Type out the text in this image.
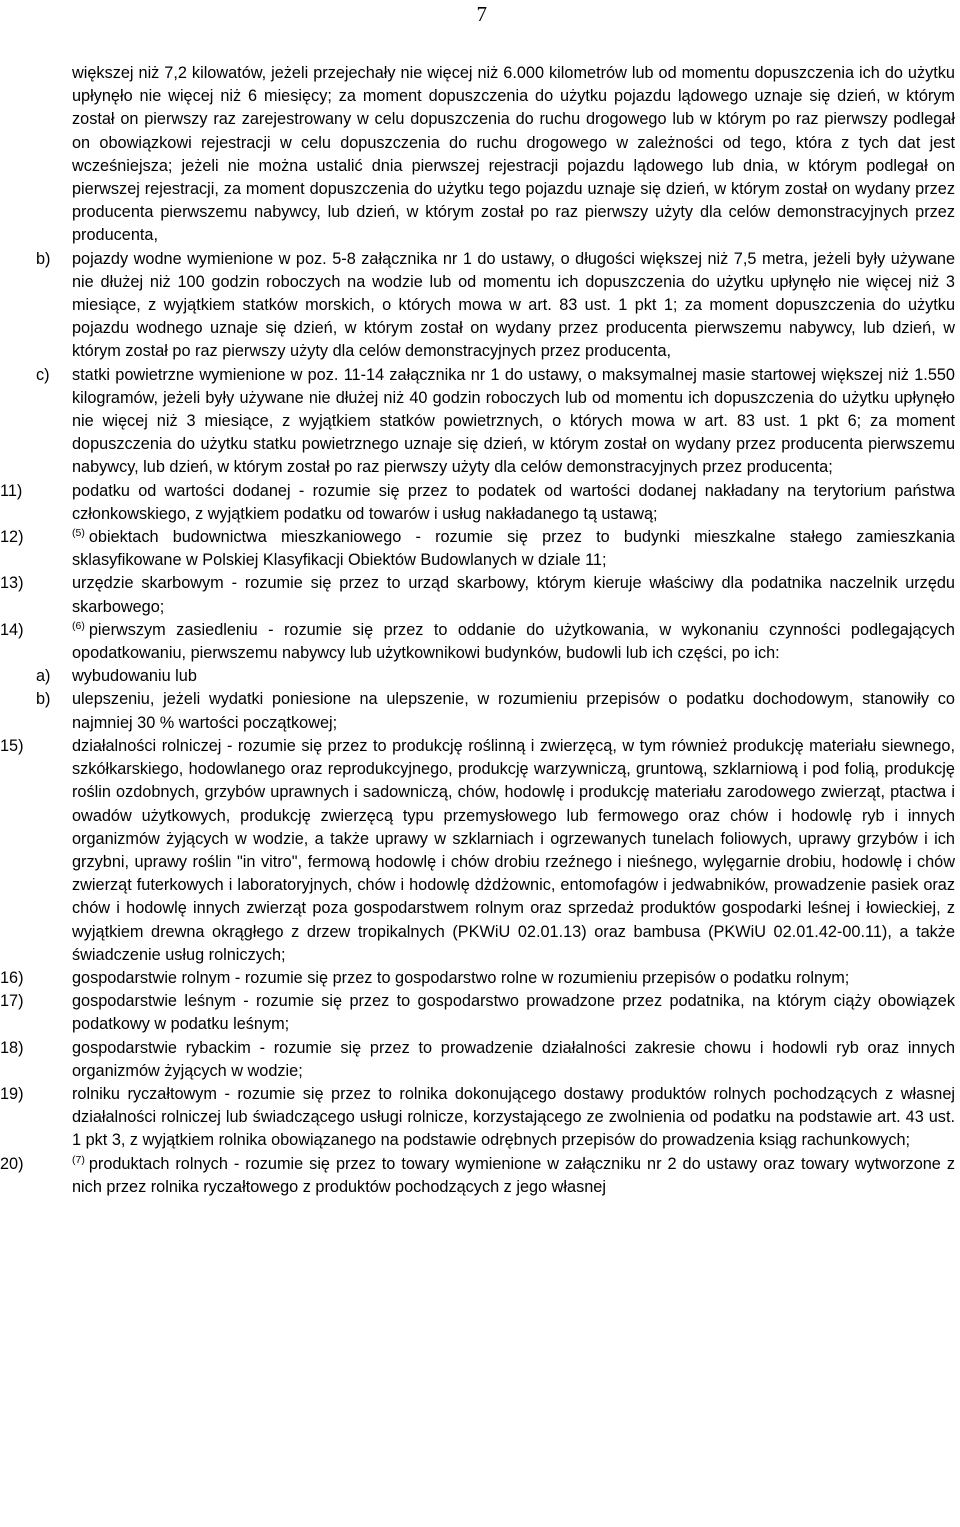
7
większej niż 7,2 kilowatów, jeżeli przejechały nie więcej niż 6.000 kilometrów lub od momentu dopuszczenia ich do użytku upłynęło nie więcej niż 6 miesięcy; za moment dopuszczenia do użytku pojazdu lądowego uznaje się dzień, w którym został on pierwszy raz zarejestrowany w celu dopuszczenia do ruchu drogowego lub w którym po raz pierwszy podlegał on obowiązkowi rejestracji w celu dopuszczenia do ruchu drogowego w zależności od tego, która z tych dat jest wcześniejsza; jeżeli nie można ustalić dnia pierwszej rejestracji pojazdu lądowego lub dnia, w którym podlegał on pierwszej rejestracji, za moment dopuszczenia do użytku tego pojazdu uznaje się dzień, w którym został on wydany przez producenta pierwszemu nabywcy, lub dzień, w którym został po raz pierwszy użyty dla celów demonstracyjnych przez producenta,
b)	pojazdy wodne wymienione w poz. 5-8 załącznika nr 1 do ustawy, o długości większej niż 7,5 metra, jeżeli były używane nie dłużej niż 100 godzin roboczych na wodzie lub od momentu ich dopuszczenia do użytku upłynęło nie więcej niż 3 miesiące, z wyjątkiem statków morskich, o których mowa w art. 83 ust. 1 pkt 1; za moment dopuszczenia do użytku pojazdu wodnego uznaje się dzień, w którym został on wydany przez producenta pierwszemu nabywcy, lub dzień, w którym został po raz pierwszy użyty dla celów demonstracyjnych przez producenta,
c)	statki powietrzne wymienione w poz. 11-14 załącznika nr 1 do ustawy, o maksymalnej masie startowej większej niż 1.550 kilogramów, jeżeli były używane nie dłużej niż 40 godzin roboczych lub od momentu ich dopuszczenia do użytku upłynęło nie więcej niż 3 miesiące, z wyjątkiem statków powietrznych, o których mowa w art. 83 ust. 1 pkt 6; za moment dopuszczenia do użytku statku powietrznego uznaje się dzień, w którym został on wydany przez producenta pierwszemu nabywcy, lub dzień, w którym został po raz pierwszy użyty dla celów demonstracyjnych przez producenta;
11)	podatku od wartości dodanej - rozumie się przez to podatek od wartości dodanej nakładany na terytorium państwa członkowskiego, z wyjątkiem podatku od towarów i usług nakładanego tą ustawą;
12)	$^{(5)}$ obiektach budownictwa mieszkaniowego - rozumie się przez to budynki mieszkalne stałego zamieszkania sklasyfikowane w Polskiej Klasyfikacji Obiektów Budowlanych w dziale 11;
13)	urzędzie skarbowym - rozumie się przez to urząd skarbowy, którym kieruje właściwy dla podatnika naczelnik urzędu skarbowego;
14)	$^{(6)}$ pierwszym zasiedleniu - rozumie się przez to oddanie do użytkowania, w wykonaniu czynności podlegających opodatkowaniu, pierwszemu nabywcy lub użytkownikowi budynków, budowli lub ich części, po ich:
a)	wybudowaniu lub
b)	ulepszeniu, jeżeli wydatki poniesione na ulepszenie, w rozumieniu przepisów o podatku dochodowym, stanowiły co najmniej 30 % wartości początkowej;
15)	działalności rolniczej - rozumie się przez to produkcję roślinną i zwierzęcą, w tym również produkcję materiału siewnego, szkółkarskiego, hodowlanego oraz reprodukcyjnego, produkcję warzywniczą, gruntową, szklarniową i pod folią, produkcję roślin ozdobnych, grzybów uprawnych i sadowniczą, chów, hodowlę i produkcję materiału zarodowego zwierząt, ptactwa i owadów użytkowych, produkcję zwierzęcą typu przemysłowego lub fermowego oraz chów i hodowlę ryb i innych organizmów żyjących w wodzie, a także uprawy w szklarniach i ogrzewanych tunelach foliowych, uprawy grzybów i ich grzybni, uprawy roślin "in vitro", fermową hodowlę i chów drobiu rzeźnego i nieśnego, wylęgarnie drobiu, hodowlę i chów zwierząt futerkowych i laboratoryjnych, chów i hodowlę dżdżownic, entomofagów i jedwabników, prowadzenie pasiek oraz chów i hodowlę innych zwierząt poza gospodarstwem rolnym oraz sprzedaż produktów gospodarki leśnej i łowieckiej, z wyjątkiem drewna okrągłego z drzew tropikalnych (PKWiU 02.01.13) oraz bambusa (PKWiU 02.01.42-00.11), a także świadczenie usług rolniczych;
16)	gospodarstwie rolnym - rozumie się przez to gospodarstwo rolne w rozumieniu przepisów o podatku rolnym;
17)	gospodarstwie leśnym - rozumie się przez to gospodarstwo prowadzone przez podatnika, na którym ciąży obowiązek podatkowy w podatku leśnym;
18)	gospodarstwie rybackim - rozumie się przez to prowadzenie działalności zakresie chowu i hodowli ryb oraz innych organizmów żyjących w wodzie;
19)	rolniku ryczałtowym - rozumie się przez to rolnika dokonującego dostawy produktów rolnych pochodzących z własnej działalności rolniczej lub świadczącego usługi rolnicze, korzystającego ze zwolnienia od podatku na podstawie art. 43 ust. 1 pkt 3, z wyjątkiem rolnika obowiązanego na podstawie odrębnych przepisów do prowadzenia ksiąg rachunkowych;
20)	$^{(7)}$ produktach rolnych - rozumie się przez to towary wymienione w załączniku nr 2 do ustawy oraz towary wytworzone z nich przez rolnika ryczałtowego z produktów pochodzących z jego własnej
